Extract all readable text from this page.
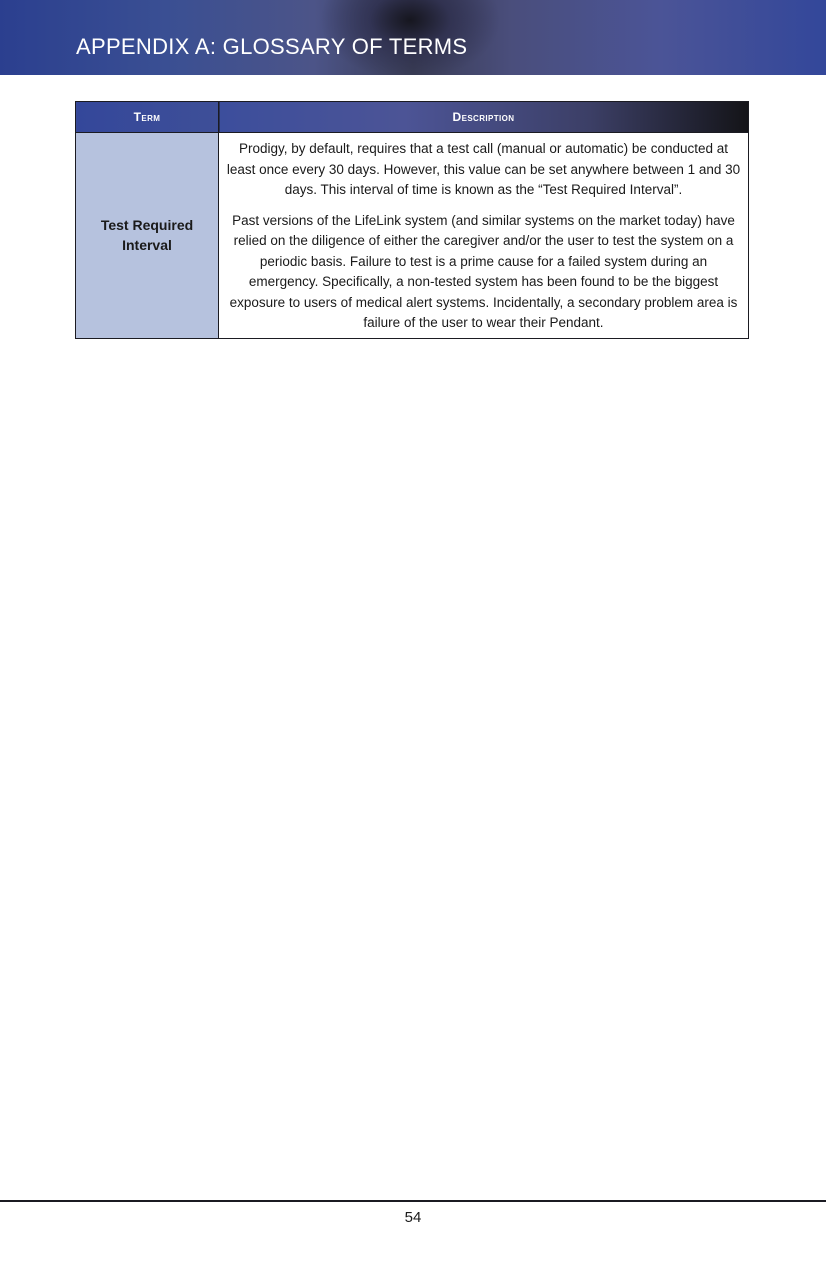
APPENDIX A: GLOSSARY OF TERMS
Term	Description
Test Required Interval	Prodigy, by default, requires that a test call (manual or automatic) be conducted at least once every 30 days. However, this value can be set anywhere between 1 and 30 days. This interval of time is known as the “Test Required Interval”.

Past versions of the LifeLink system (and similar systems on the market today) have relied on the diligence of either the caregiver and/or the user to test the system on a periodic basis. Failure to test is a prime cause for a failed system during an emergency. Specifically, a non-tested system has been found to be the biggest exposure to users of medical alert systems. Incidentally, a secondary problem area is failure of the user to wear their Pendant.

54
